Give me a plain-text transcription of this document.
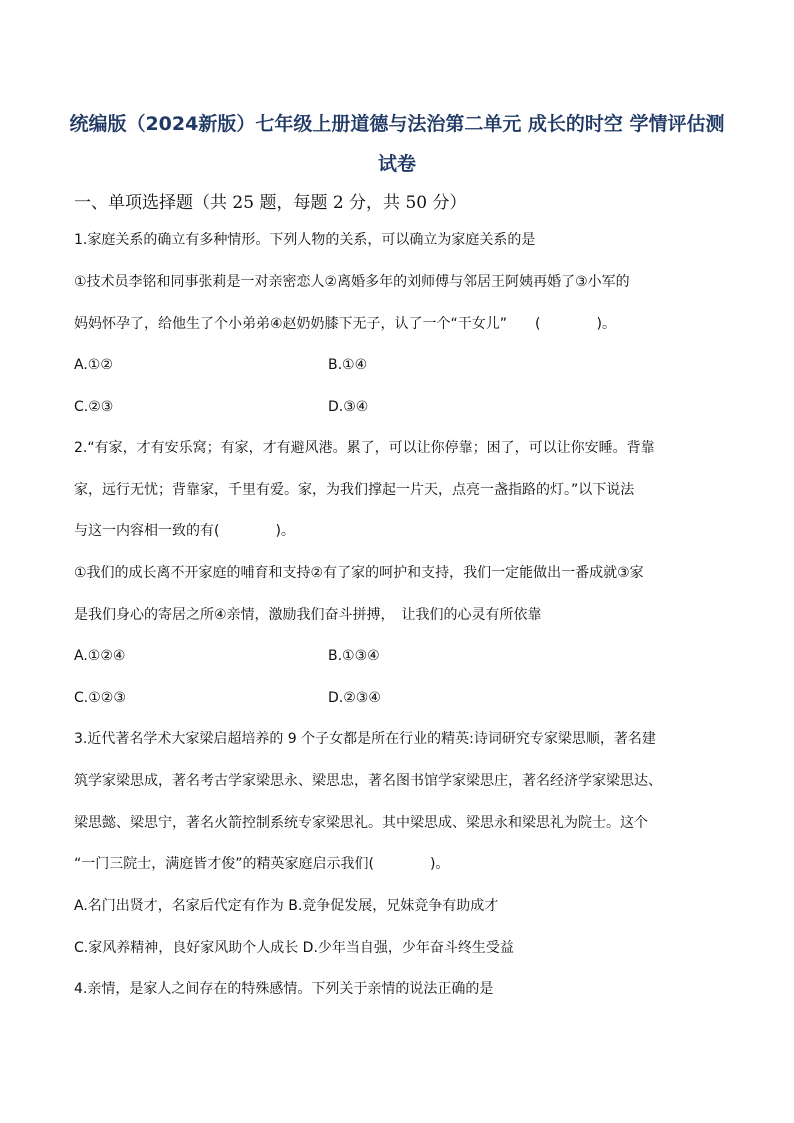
统编版（2024新版）七年级上册道德与法治第二单元 成长的时空 学情评估测
试卷
一、单项选择题（共 25 题，每题 2 分，共 50 分）
1.家庭关系的确立有多种情形。下列人物的关系，可以确立为家庭关系的是
①技术员李铭和同事张莉是一对亲密恋人②离婚多年的刘师傅与邻居王阿姨再婚了③小军的
妈妈怀孕了，给他生了个小弟弟④赵奶奶膝下无子，认了一个“干女儿”　　(　　　　)。
A.①②	B.①④
C.②③	D.③④
2.“有家，才有安乐窝；有家，才有避风港。累了，可以让你停靠；困了，可以让你安睡。背靠
家，远行无忧；背靠家，千里有爱。家，为我们撑起一片天，点亮一盏指路的灯。”以下说法
与这一内容相一致的有(　　　　)。
①我们的成长离不开家庭的哺育和支持②有了家的呵护和支持，我们一定能做出一番成就③家
是我们身心的寄居之所④亲情，激励我们奋斗拼搏，　让我们的心灵有所依靠
A.①②④	B.①③④
C.①②③	D.②③④
3.近代著名学术大家梁启超培养的 9 个子女都是所在行业的精英:诗词研究专家梁思顺，著名建
筑学家梁思成，著名考古学家梁思永、梁思忠，著名图书馆学家梁思庄，著名经济学家梁思达、
梁思懿、梁思宁，著名火箭控制系统专家梁思礼。其中梁思成、梁思永和梁思礼为院士。这个
“一门三院士，满庭皆才俊”的精英家庭启示我们(　　　　)。
A.名门出贤才，名家后代定有作为 B.竞争促发展，兄妹竞争有助成才
C.家风养精神，良好家风助个人成长 D.少年当自强，少年奋斗终生受益
4.亲情，是家人之间存在的特殊感情。下列关于亲情的说法正确的是
